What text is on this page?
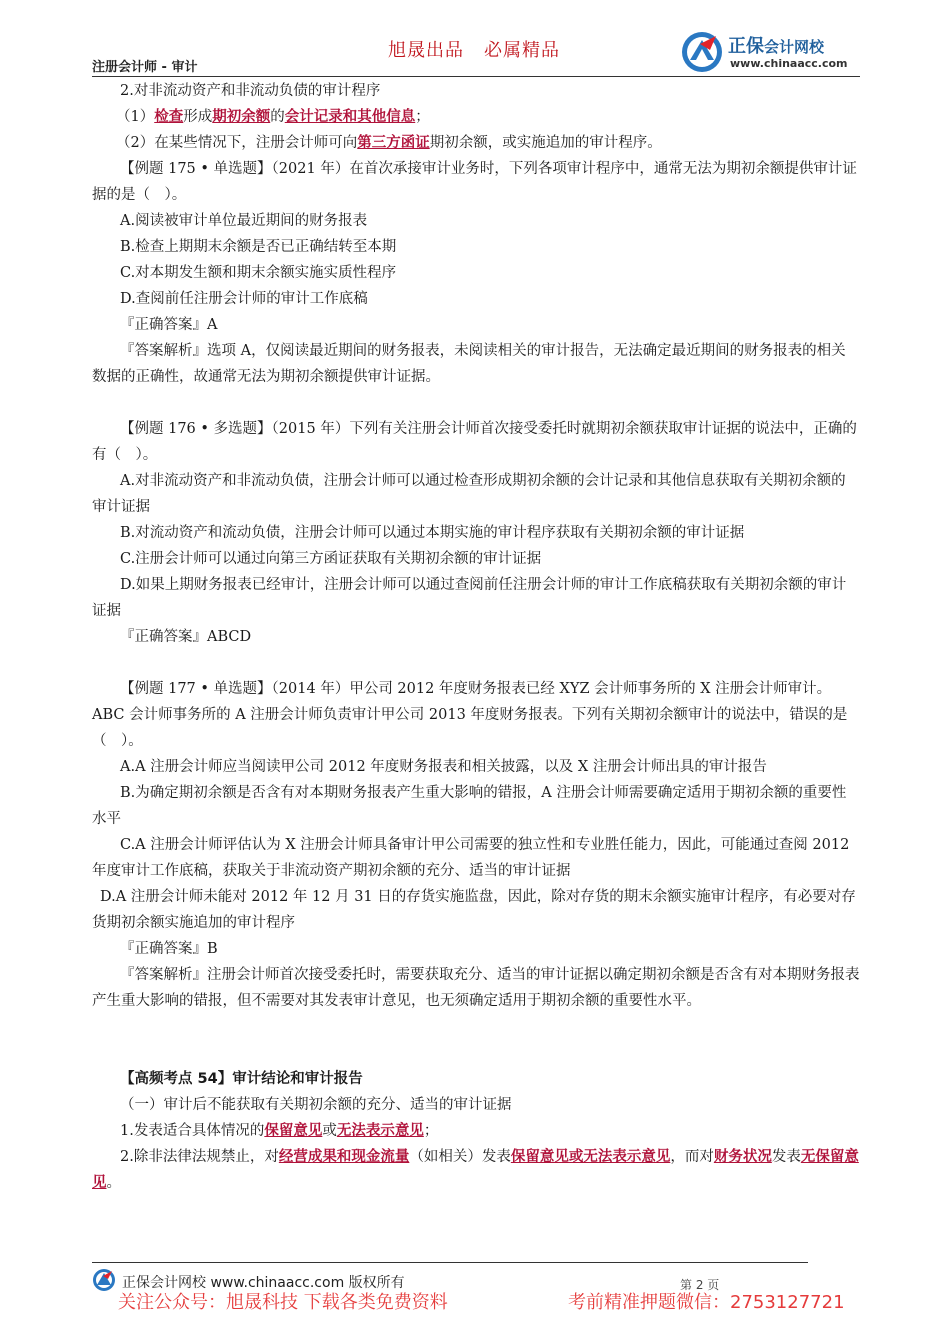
旭晟出品 必属精品
注册会计师 - 审计
正保会计网校
www.chinaacc.com
2.对非流动资产和非流动负债的审计程序
（1）检查形成期初余额的会计记录和其他信息；
（2）在某些情况下，注册会计师可向第三方函证期初余额，或实施追加的审计程序。
【例题 175 • 单选题】（2021 年）在首次承接审计业务时，下列各项审计程序中，通常无法为期初余额提供审计证据的是（　）。
A.阅读被审计单位最近期间的财务报表
B.检查上期期末余额是否已正确结转至本期
C.对本期发生额和期末余额实施实质性程序
D.查阅前任注册会计师的审计工作底稿
『正确答案』A
『答案解析』选项 A，仅阅读最近期间的财务报表，未阅读相关的审计报告，无法确定最近期间的财务报表的相关数据的正确性，故通常无法为期初余额提供审计证据。
【例题 176 • 多选题】（2015 年）下列有关注册会计师首次接受委托时就期初余额获取审计证据的说法中，正确的有（　）。
A.对非流动资产和非流动负债，注册会计师可以通过检查形成期初余额的会计记录和其他信息获取有关期初余额的审计证据
B.对流动资产和流动负债，注册会计师可以通过本期实施的审计程序获取有关期初余额的审计证据
C.注册会计师可以通过向第三方函证获取有关期初余额的审计证据
D.如果上期财务报表已经审计，注册会计师可以通过查阅前任注册会计师的审计工作底稿获取有关期初余额的审计证据
『正确答案』ABCD
【例题 177 • 单选题】（2014 年）甲公司 2012 年度财务报表已经 XYZ 会计师事务所的 X 注册会计师审计。ABC 会计师事务所的 A 注册会计师负责审计甲公司 2013 年度财务报表。下列有关期初余额审计的说法中，错误的是（　）。
A.A 注册会计师应当阅读甲公司 2012 年度财务报表和相关披露，以及 X 注册会计师出具的审计报告
B.为确定期初余额是否含有对本期财务报表产生重大影响的错报，A 注册会计师需要确定适用于期初余额的重要性水平
C.A 注册会计师评估认为 X 注册会计师具备审计甲公司需要的独立性和专业胜任能力，因此，可能通过查阅 2012 年度审计工作底稿，获取关于非流动资产期初余额的充分、适当的审计证据
D.A 注册会计师未能对 2012 年 12 月 31 日的存货实施监盘，因此，除对存货的期末余额实施审计程序，有必要对存货期初余额实施追加的审计程序
『正确答案』B
『答案解析』注册会计师首次接受委托时，需要获取充分、适当的审计证据以确定期初余额是否含有对本期财务报表产生重大影响的错报，但不需要对其发表审计意见，也无须确定适用于期初余额的重要性水平。
【高频考点 54】审计结论和审计报告
（一）审计后不能获取有关期初余额的充分、适当的审计证据
1.发表适合具体情况的保留意见或无法表示意见；
2.除非法律法规禁止，对经营成果和现金流量（如相关）发表保留意见或无法表示意见，而对财务状况发表无保留意见。
正保会计网校 www.chinaacc.com 版权所有	第 2 页
关注公众号：旭晟科技 下载各类免费资料	考前精准押题微信：2753127721
